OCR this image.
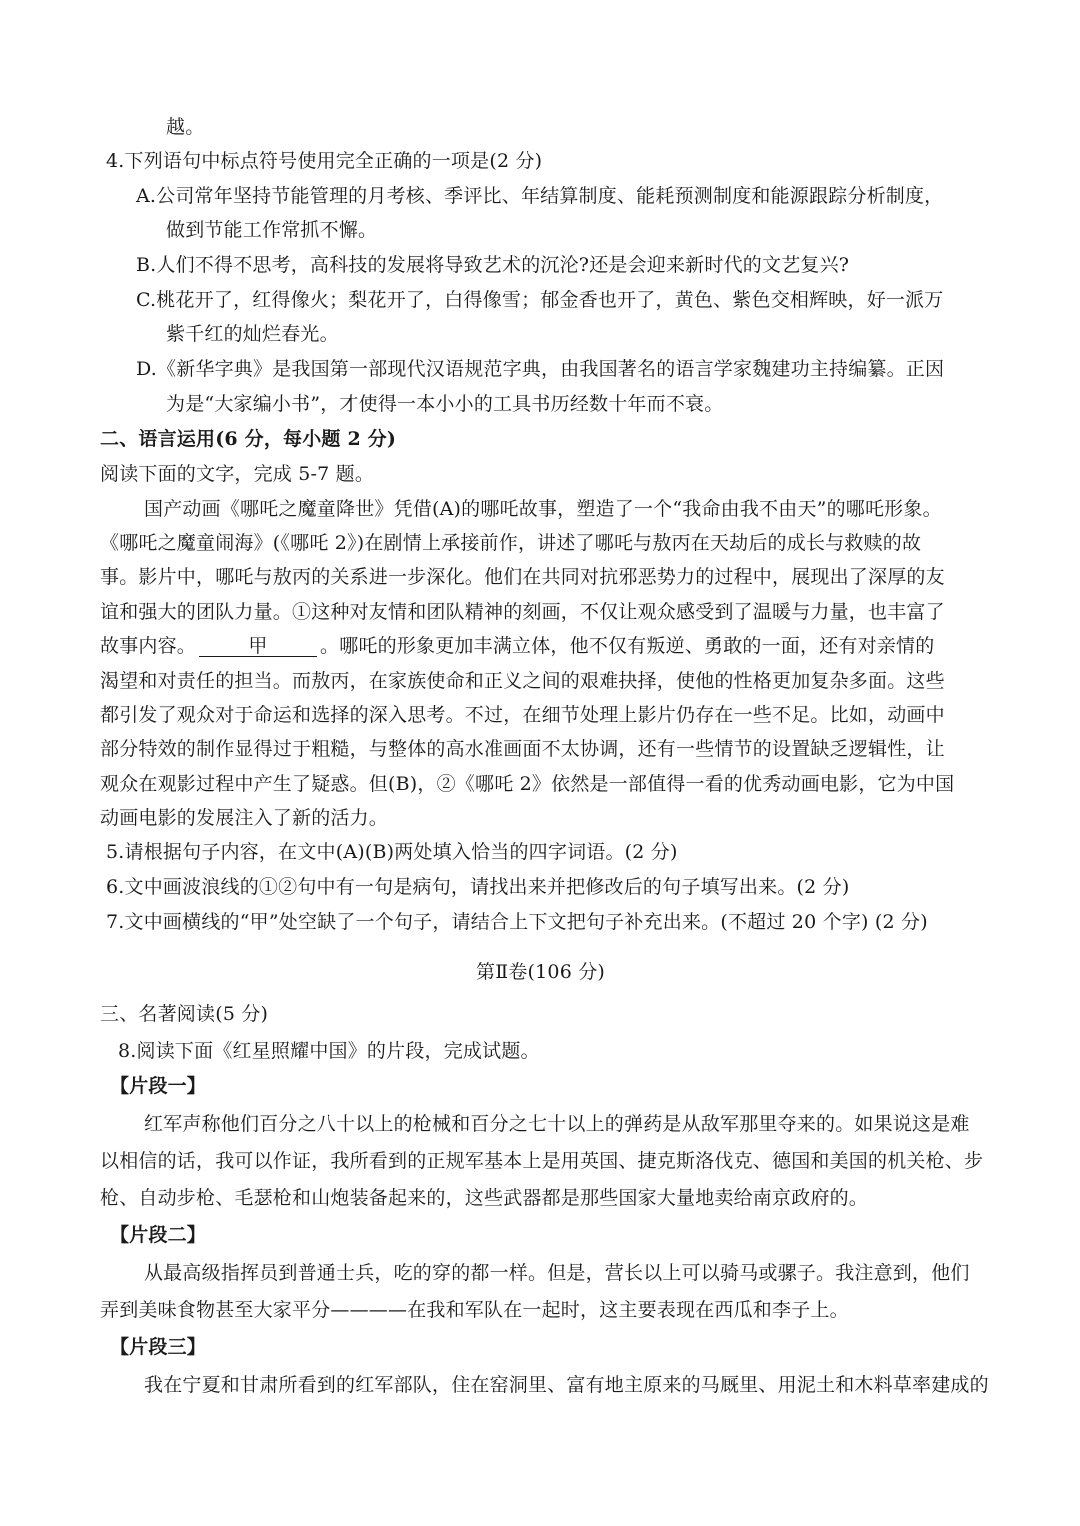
越。
4.下列语句中标点符号使用完全正确的一项是(2 分)
A.公司常年坚持节能管理的月考核、季评比、年结算制度、能耗预测制度和能源跟踪分析制度，
做到节能工作常抓不懈。
B.人们不得不思考，高科技的发展将导致艺术的沉沦?还是会迎来新时代的文艺复兴?
C.桃花开了，红得像火；梨花开了，白得像雪；郁金香也开了，黄色、紫色交相辉映，好一派万
紫千红的灿烂春光。
D.《新华字典》是我国第一部现代汉语规范字典，由我国著名的语言学家魏建功主持编纂。正因
为是“大家编小书”，才使得一本小小的工具书历经数十年而不衰。
二、语言运用(6 分，每小题 2 分)
阅读下面的文字，完成 5-7 题。
国产动画《哪吒之魔童降世》凭借(A)的哪吒故事，塑造了一个“我命由我不由天”的哪吒形象。
《哪吒之魔童闹海》(《哪吒 2》)在剧情上承接前作，讲述了哪吒与敖丙在天劫后的成长与救赎的故
事。影片中，哪吒与敖丙的关系进一步深化。他们在共同对抗邪恶势力的过程中，展现出了深厚的友
谊和强大的团队力量。①这种对友情和团队精神的刻画，不仅让观众感受到了温暖与力量，也丰富了
故事内容。	甲	。哪吒的形象更加丰满立体，他不仅有叛逆、勇敢的一面，还有对亲情的
渴望和对责任的担当。而敖丙，在家族使命和正义之间的艰难抉择，使他的性格更加复杂多面。这些
都引发了观众对于命运和选择的深入思考。不过，在细节处理上影片仍存在一些不足。比如，动画中
部分特效的制作显得过于粗糙，与整体的高水准画面不太协调，还有一些情节的设置缺乏逻辑性，让
观众在观影过程中产生了疑惑。但(B)，②《哪吒 2》依然是一部值得一看的优秀动画电影，它为中国
动画电影的发展注入了新的活力。
5.请根据句子内容，在文中(A)(B)两处填入恰当的四字词语。(2 分)
6.文中画波浪线的①②句中有一句是病句，请找出来并把修改后的句子填写出来。(2 分)
7.文中画横线的“甲”处空缺了一个句子，请结合上下文把句子补充出来。(不超过 20 个字) (2 分)
第Ⅱ卷(106 分)
三、名著阅读(5 分)
8.阅读下面《红星照耀中国》的片段，完成试题。
【片段一】
红军声称他们百分之八十以上的枪械和百分之七十以上的弹药是从敌军那里夺来的。如果说这是难
以相信的话，我可以作证，我所看到的正规军基本上是用英国、捷克斯洛伐克、德国和美国的机关枪、步
枪、自动步枪、毛瑟枪和山炮装备起来的，这些武器都是那些国家大量地卖给南京政府的。
【片段二】
从最高级指挥员到普通士兵，吃的穿的都一样。但是，营长以上可以骑马或骡子。我注意到，他们
弄到美味食物甚至大家平分————在我和军队在一起时，这主要表现在西瓜和李子上。
【片段三】
我在宁夏和甘肃所看到的红军部队，住在窑洞里、富有地主原来的马厩里、用泥土和木料草率建成的
